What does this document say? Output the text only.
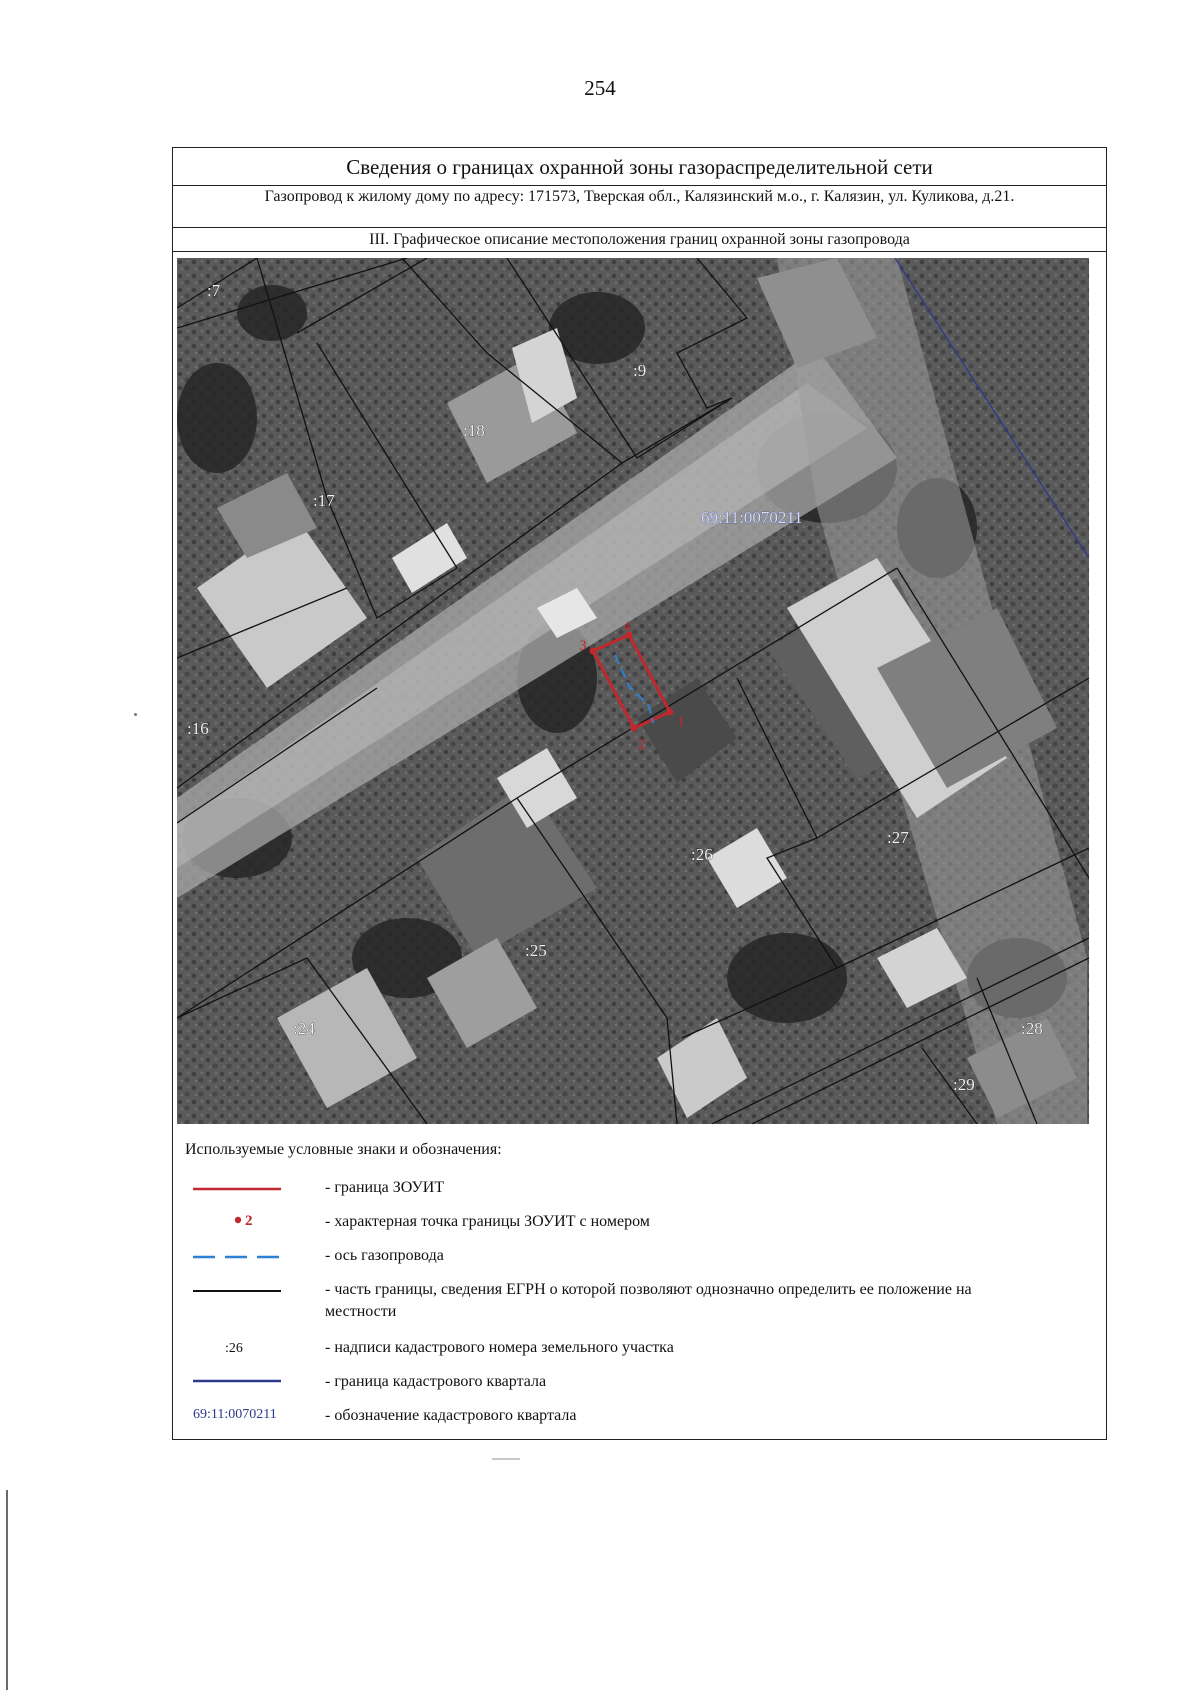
254
Сведения о границах охранной зоны газораспределительной сети
Газопровод к жилому дому по адресу: 171573, Тверская обл., Калязинский м.о., г. Калязин, ул. Куликова, д.21.
III. Графическое описание местоположения границ охранной зоны газопровода
1
2
3
4
:7
:9
:18
:17
:16
:26
:27
:25
:24	:28
:29
69:11:0070211
Используемые условные знаки и обозначения:
- граница ЗОУИТ
2	- характерная точка границы ЗОУИТ с номером
- ось газопровода
- часть границы, сведения ЕГРН о которой позволяют однозначно определить ее положение на местности
:26	- надписи кадастрового номера земельного участка
- граница кадастрового квартала
69:11:0070211	- обозначение кадастрового квартала
